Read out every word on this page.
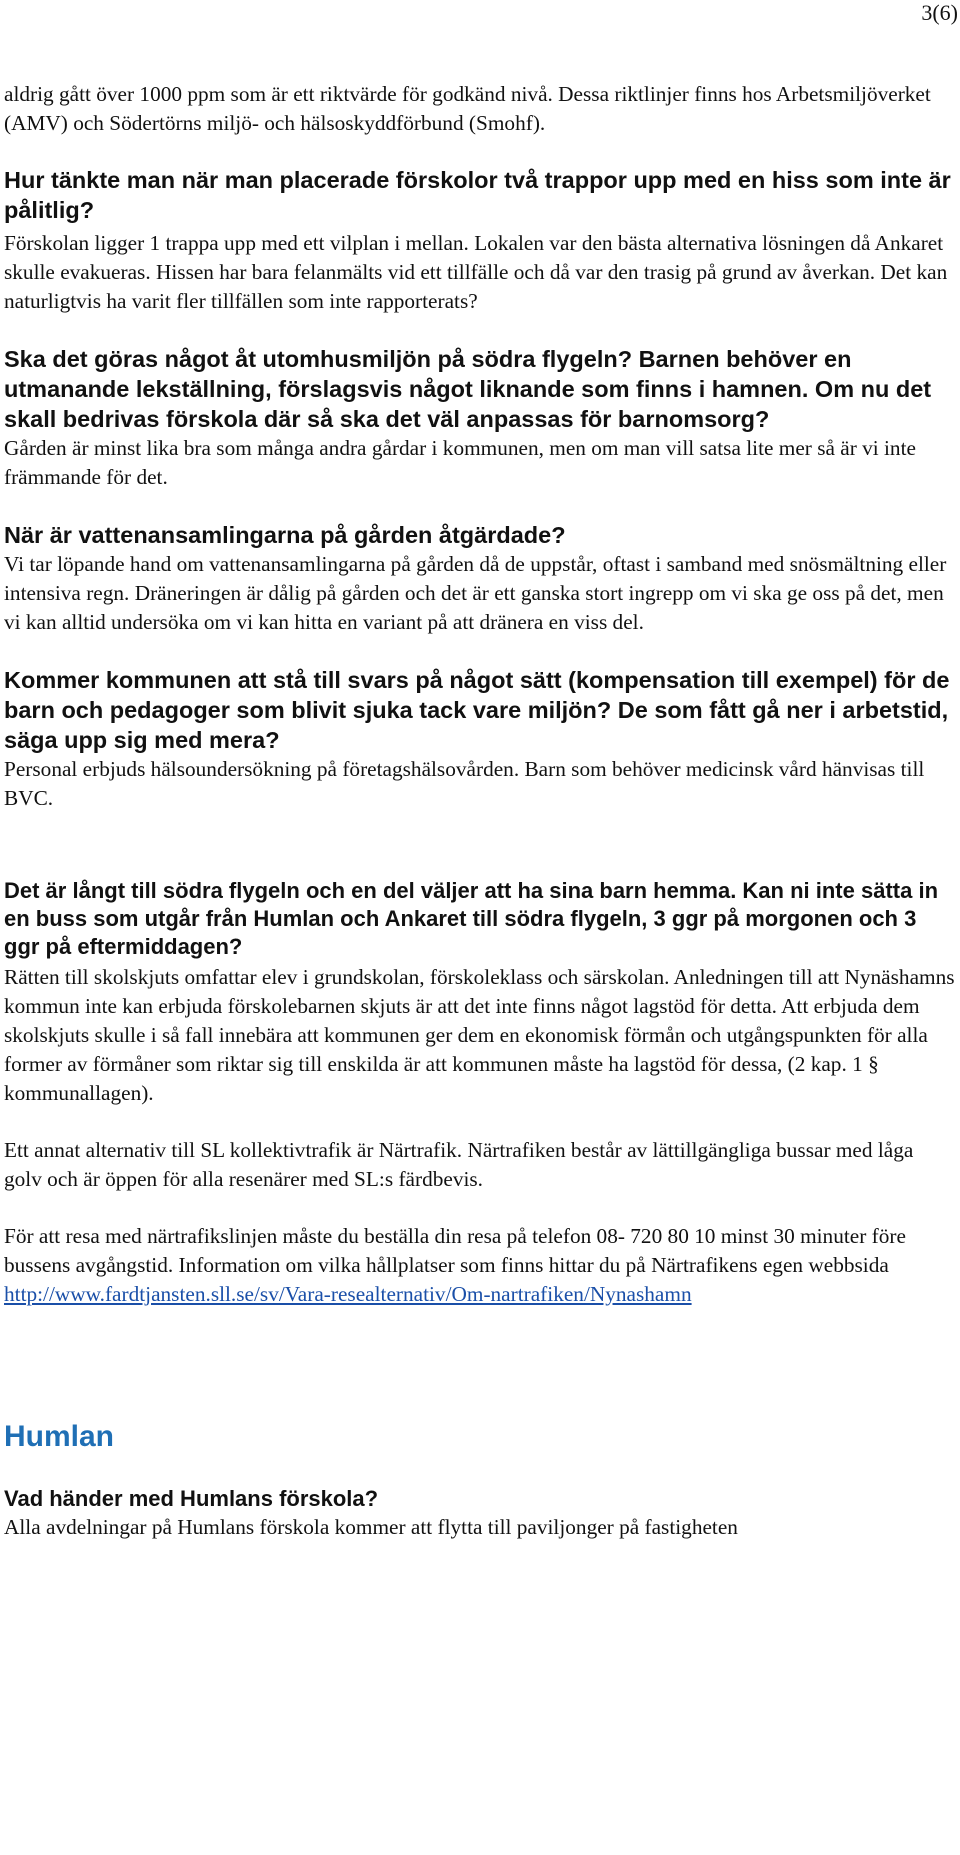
3(6)

aldrig gått över 1000 ppm som är ett riktvärde för godkänd nivå. Dessa riktlinjer finns hos Arbetsmiljöverket (AMV) och Södertörns miljö- och hälsoskyddförbund (Smohf).

Hur tänkte man när man placerade förskolor två trappor upp med en hiss som inte är pålitlig?

Förskolan ligger 1 trappa upp med ett vilplan i mellan. Lokalen var den bästa alternativa lösningen då Ankaret skulle evakueras. Hissen har bara felanmälts vid ett tillfälle och då var den trasig på grund av åverkan. Det kan naturligtvis ha varit fler tillfällen som inte rapporterats?

Ska det göras något åt utomhusmiljön på södra flygeln? Barnen behöver en utmanande lekställning, förslagsvis något liknande som finns i hamnen. Om nu det skall bedrivas förskola där så ska det väl anpassas för barnomsorg?

Gården är minst lika bra som många andra gårdar i kommunen, men om man vill satsa lite mer så är vi inte främmande för det.

När är vattenansamlingarna på gården åtgärdade?

Vi tar löpande hand om vattenansamlingarna på gården då de uppstår, oftast i samband med snösmältning eller intensiva regn. Dräneringen är dålig på gården och det är ett ganska stort ingrepp om vi ska ge oss på det, men vi kan alltid undersöka om vi kan hitta en variant på att dränera en viss del.

Kommer kommunen att stå till svars på något sätt (kompensation till exempel) för de barn och pedagoger som blivit sjuka tack vare miljön? De som fått gå ner i arbetstid, säga upp sig med mera?

Personal erbjuds hälsoundersökning på företagshälsovården. Barn som behöver medicinsk vård hänvisas till BVC.

Det är långt till södra flygeln och en del väljer att ha sina barn hemma. Kan ni inte sätta in en buss som utgår från Humlan och Ankaret till södra flygeln, 3 ggr på morgonen och 3 ggr på eftermiddagen?

Rätten till skolskjuts omfattar elev i grundskolan, förskoleklass och särskolan. Anledningen till att Nynäshamns kommun inte kan erbjuda förskolebarnen skjuts är att det inte finns något lagstöd för detta. Att erbjuda dem skolskjuts skulle i så fall innebära att kommunen ger dem en ekonomisk förmån och utgångspunkten för alla former av förmåner som riktar sig till enskilda är att kommunen måste ha lagstöd för dessa, (2 kap. 1 § kommunallagen).

Ett annat alternativ till SL kollektivtrafik är Närtrafik. Närtrafiken består av lättillgängliga bussar med låga golv och är öppen för alla resenärer med SL:s färdbevis.

För att resa med närtrafikslinjen måste du beställa din resa på telefon 08- 720 80 10 minst 30 minuter före bussens avgångstid. Information om vilka hållplatser som finns hittar du på Närtrafikens egen webbsida http://www.fardtjansten.sll.se/sv/Vara-resealternativ/Om-nartrafiken/Nynashamn

Humlan

Vad händer med Humlans förskola?

Alla avdelningar på Humlans förskola kommer att flytta till paviljonger på fastigheten
